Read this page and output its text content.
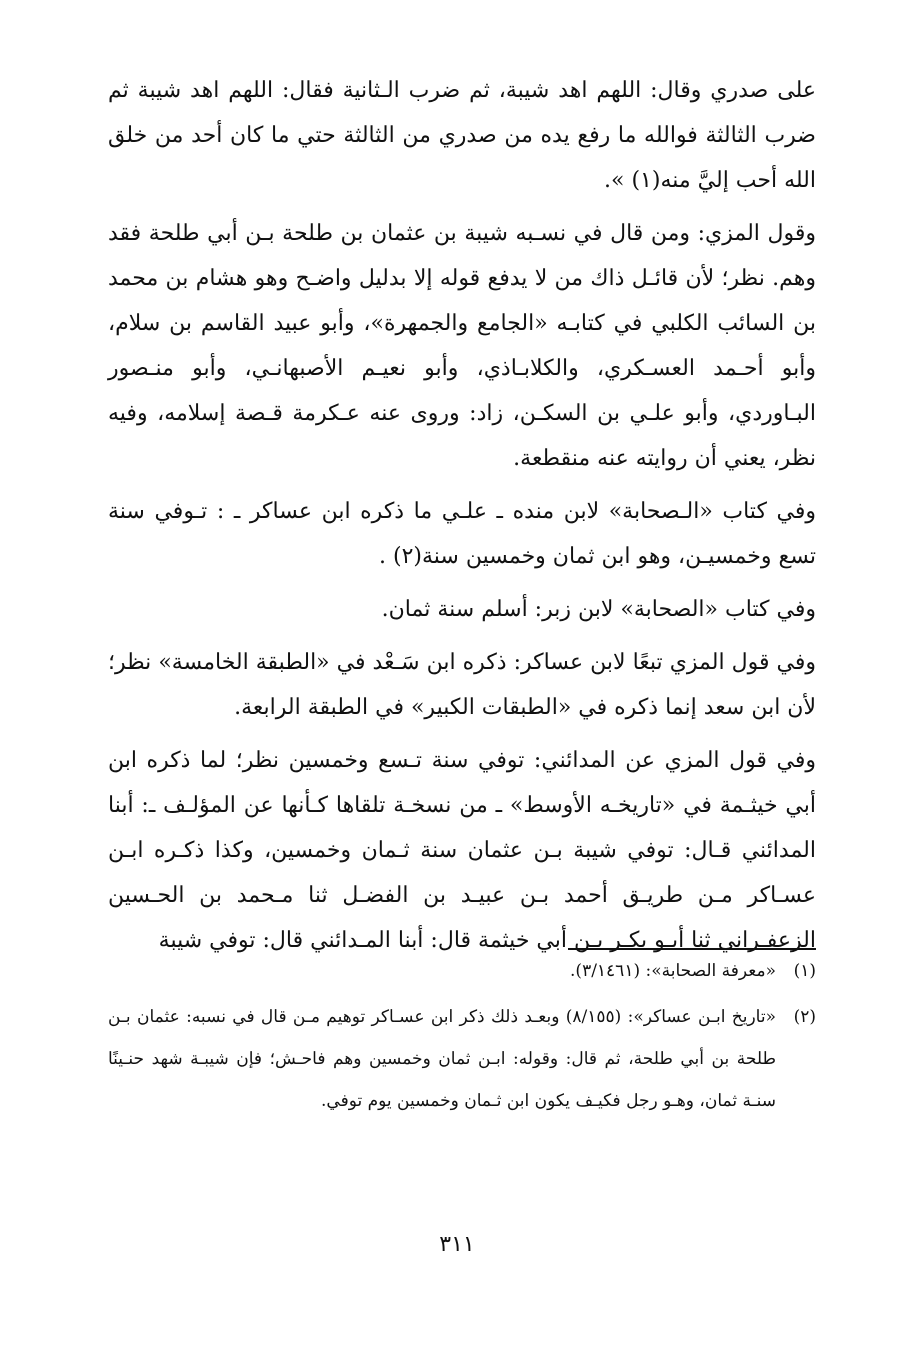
على صدري وقال: اللهم اهد شيبة، ثم ضرب الـثانية فقال: اللهم اهد شيبة ثم ضرب الثالثة فوالله ما رفع يده من صدري من الثالثة حتي ما كان أحد من خلق الله أحب إليَّ منه(١) ».

وقول المزي: ومن قال في نسـبه شيبة بن عثمان بن طلحة بـن أبي طلحة فقد وهم. نظر؛ لأن قائـل ذاك من لا يدفع قوله إلا بدليل واضـح وهو هشام بن محمد بن السائب الكلبي في كتابـه «الجامع والجمهرة»، وأبو عبيد القاسم بن سلام، وأبو أحـمد العسـكري، والكلابـاذي، وأبو نعيـم الأصبهانـي، وأبو منـصور البـاوردي، وأبو علـي بن السكـن، زاد: وروى عنه عـكرمة قـصة إسلامه، وفيه نظر، يعني أن روايته عنه منقطعة.

وفي كتاب «الـصحابة» لابن منده ـ علـي ما ذكره ابن عساكر ـ : تـوفي سنة تسع وخمسيـن، وهو ابن ثمان وخمسين سنة(٢) .

وفي كتاب «الصحابة» لابن زبر: أسلم سنة ثمان.

وفي قول المزي تبعًا لابن عساكر: ذكره ابن سَـعْد في «الطبقة الخامسة» نظر؛ لأن ابن سعد إنما ذكره في «الطبقات الكبير» في الطبقة الرابعة.

وفي قول المزي عن المدائني: توفي سنة تـسع وخمسين نظر؛ لما ذكره ابن أبي خيثـمة في «تاريخـه الأوسط» ـ من نسخـة تلقاها كـأنها عن المؤلـف ـ: أبنا المدائني قـال: توفي شيبة بـن عثمان سنة ثـمان وخمسين، وكذا ذكـره ابـن عسـاكر مـن طريـق أحمد بـن عبيـد بن الفضـل ثنا مـحمد بن الحـسين الزعفـراني ثنا أبـو بكـر بـن أبي خيثمة قال: أبنا المـدائني قال: توفي شيبة

(١)
«معرفة الصحابة»: (٣/١٤٦١).

(٢)
«تاريخ ابـن عساكر»: (٨/١٥٥) وبعـد ذلك ذكر ابن عسـاكر توهيم مـن قال في نسبه: عثمان بـن طلحة بن أبي طلحة، ثم قال: وقوله: ابـن ثمان وخمسين وهم فاحـش؛ فإن شيبـة شهد حنـينًا سنـة ثمان، وهـو رجل فكيـف يكون ابن ثـمان وخمسين يوم توفي.

٣١١
